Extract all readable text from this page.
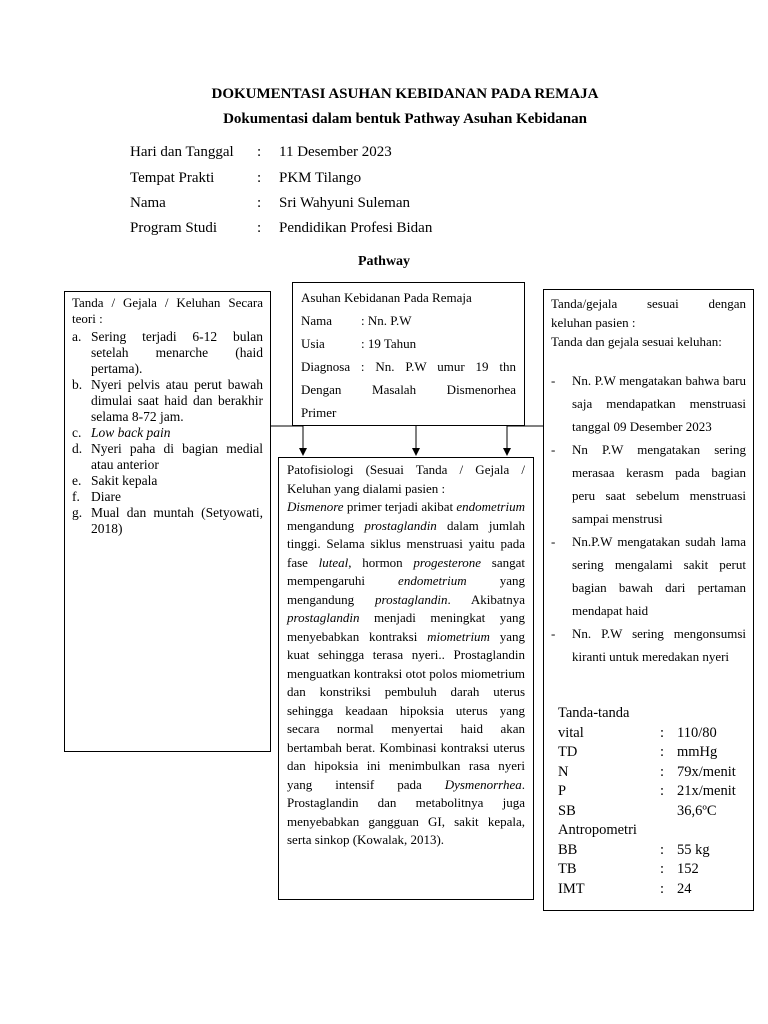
DOKUMENTASI ASUHAN KEBIDANAN PADA REMAJA
Dokumentasi dalam bentuk Pathway Asuhan Kebidanan
Hari dan Tanggal : 11 Desember 2023
Tempat Prakti	: PKM Tilango
Nama	: Sri Wahyuni Suleman
Program Studi	: Pendidikan Profesi Bidan
Pathway
Tanda / Gejala / Keluhan Secara
teori :
a. Sering terjadi 6-12 bulan setelah menarche (haid pertama).
b. Nyeri pelvis atau perut bawah dimulai saat haid dan berakhir selama 8-72 jam.
c. Low back pain
d. Nyeri paha di bagian medial atau anterior
e. Sakit kepala
f. Diare
g. Mual dan muntah (Setyowati, 2018)
Asuhan Kebidanan Pada Remaja
Nama	: Nn. P.W
Usia	: 19 Tahun
Diagnosa : Nn. P.W umur 19 thn
Dengan Masalah Dismenorhea
Primer

Patofisiologi (Sesuai Tanda / Gejala / Keluhan yang dialami pasien :

Dismenore primer terjadi akibat endometrium mengandung prostaglandin dalam jumlah tinggi. Selama siklus menstruasi yaitu pada fase luteal, hormon progesterone sangat mempengaruhi endometrium yang mengandung prostaglandin. Akibatnya prostaglandin menjadi meningkat yang menyebabkan kontraksi miometrium yang kuat sehingga terasa nyeri.. Prostaglandin menguatkan kontraksi otot polos miometrium dan konstriksi pembuluh darah uterus sehingga keadaan hipoksia uterus yang secara normal menyertai haid akan bertambah berat. Kombinasi kontraksi uterus dan hipoksia ini menimbulkan rasa nyeri yang intensif pada Dysmenorrhea. Prostaglandin dan metabolitnya juga menyebabkan gangguan GI, sakit kepala, serta sinkop (Kowalak, 2013).

Tanda/gejala sesuai dengan
keluhan pasien :
Tanda dan gejala sesuai keluhan:
-	Nn. P.W mengatakan bahwa baru saja mendapatkan menstruasi tanggal 09 Desember 2023
-	Nn P.W mengatakan sering merasaa kerasm pada bagian peru saat sebelum menstruasi sampai menstrusi
-	Nn.P.W mengatakan sudah lama sering mengalami sakit perut bagian bawah dari pertaman mendapat haid
-	Nn. P.W sering mengonsumsi kiranti untuk meredakan nyeri
Tanda-tanda
vital	: 110/80
TD	: mmHg
N	: 79x/menit
P	: 21x/menit
SB	36,6ºC
Antropometri
BB	: 55 kg
TB	: 152
IMT	: 24
